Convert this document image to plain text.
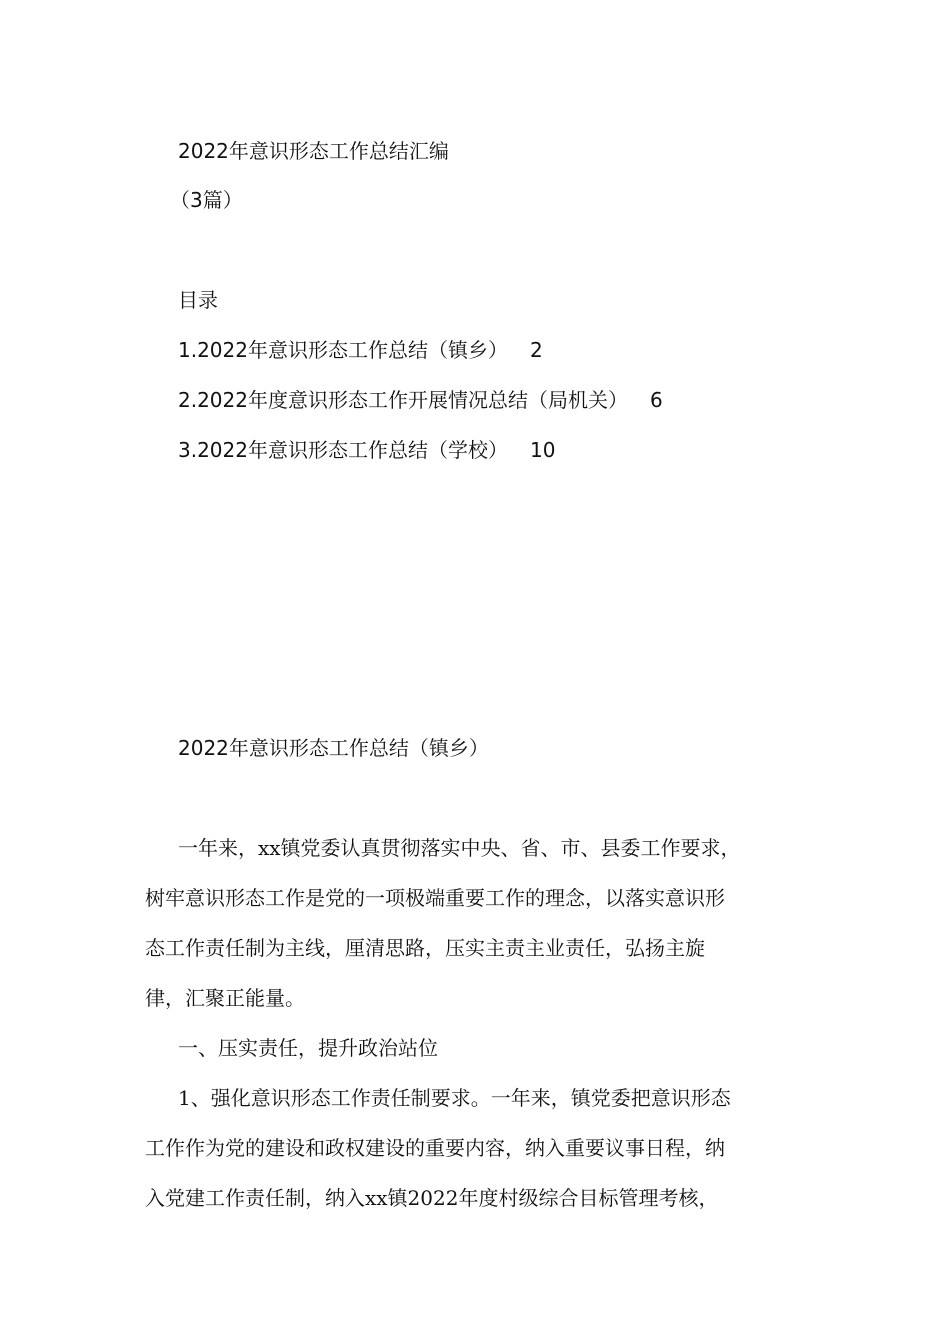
2022年意识形态工作总结汇编
（3篇）
目录
1.2022年意识形态工作总结（镇乡） 2
2.2022年度意识形态工作开展情况总结（局机关） 6
3.2022年意识形态工作总结（学校） 10
2022年意识形态工作总结（镇乡）
一年来，xx镇党委认真贯彻落实中央、省、市、县委工作要求，
树牢意识形态工作是党的一项极端重要工作的理念，以落实意识形
态工作责任制为主线，厘清思路，压实主责主业责任，弘扬主旋
律，汇聚正能量。
一、压实责任，提升政治站位
1、强化意识形态工作责任制要求。一年来，镇党委把意识形态
工作作为党的建设和政权建设的重要内容，纳入重要议事日程，纳
入党建工作责任制，纳入xx镇2022年度村级综合目标管理考核，
